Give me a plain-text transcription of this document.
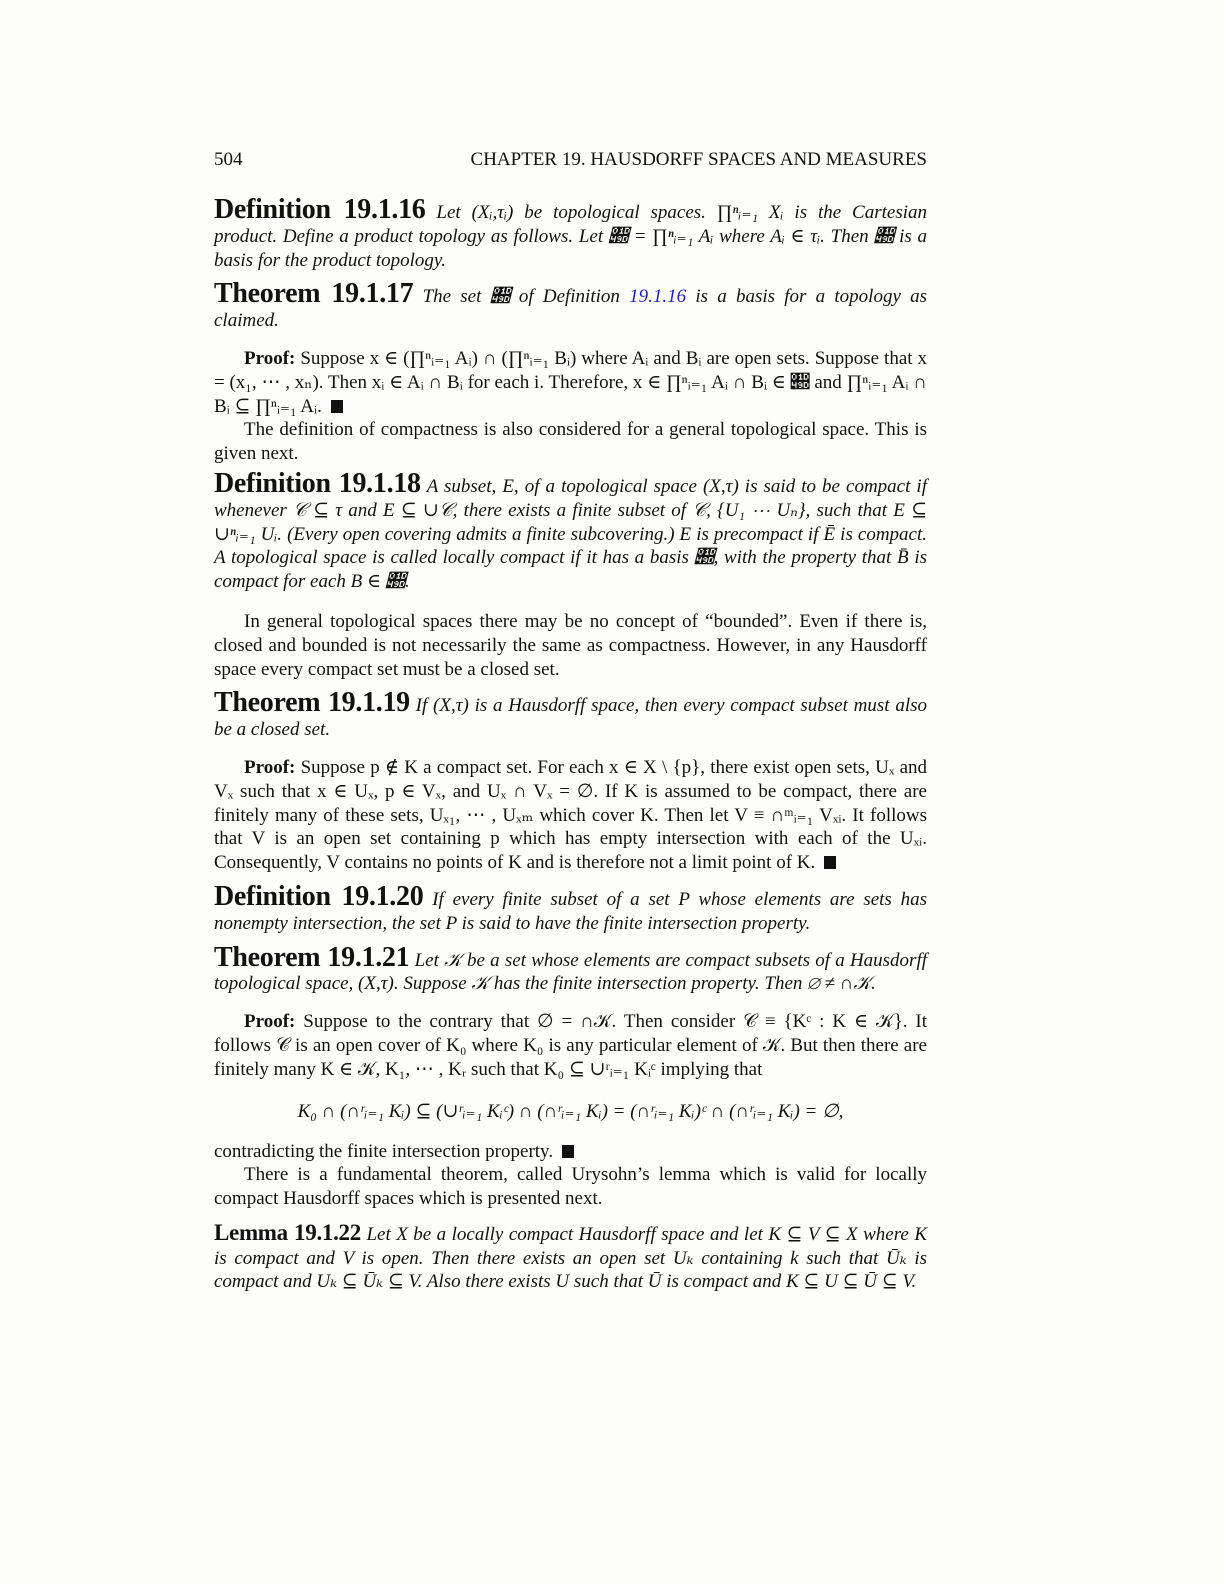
504	CHAPTER 19. HAUSDORFF SPACES AND MEASURES
Definition 19.1.16 Let (Xᵢ,τᵢ) be topological spaces. ∏ⁿᵢ₌₁ Xᵢ is the Cartesian product. Define a product topology as follows. Let 𝒝 = ∏ⁿᵢ₌₁ Aᵢ where Aᵢ ∈ τᵢ. Then 𝒝 is a basis for the product topology.
Theorem 19.1.17 The set 𝒝 of Definition 19.1.16 is a basis for a topology as claimed.
Proof: Suppose x ∈ (∏ⁿᵢ₌₁ Aᵢ) ∩ (∏ⁿᵢ₌₁ Bᵢ) where Aᵢ and Bᵢ are open sets. Suppose that x = (x₁, ⋯ , xₙ). Then xᵢ ∈ Aᵢ ∩ Bᵢ for each i. Therefore, x ∈ ∏ⁿᵢ₌₁ Aᵢ ∩ Bᵢ ∈ 𝒝 and ∏ⁿᵢ₌₁ Aᵢ ∩ Bᵢ ⊆ ∏ⁿᵢ₌₁ Aᵢ.
The definition of compactness is also considered for a general topological space. This is given next.
Definition 19.1.18 A subset, E, of a topological space (X,τ) is said to be compact if whenever 𝒞 ⊆ τ and E ⊆ ∪𝒞, there exists a finite subset of 𝒞, {U₁ ⋯ Uₙ}, such that E ⊆ ∪ⁿᵢ₌₁ Uᵢ. (Every open covering admits a finite subcovering.) E is precompact if Ē is compact. A topological space is called locally compact if it has a basis 𝒝, with the property that B̄ is compact for each B ∈ 𝒝.
In general topological spaces there may be no concept of “bounded”. Even if there is, closed and bounded is not necessarily the same as compactness. However, in any Hausdorff space every compact set must be a closed set.
Theorem 19.1.19 If (X,τ) is a Hausdorff space, then every compact subset must also be a closed set.
Proof: Suppose p ∉ K a compact set. For each x ∈ X \ {p}, there exist open sets, Uₓ and Vₓ such that x ∈ Uₓ, p ∈ Vₓ, and Uₓ ∩ Vₓ = ∅. If K is assumed to be compact, there are finitely many of these sets, Uₓ₁, ⋯ , Uₓₘ which cover K. Then let V ≡ ∩ᵐᵢ₌₁ Vₓᵢ. It follows that V is an open set containing p which has empty intersection with each of the Uₓᵢ. Consequently, V contains no points of K and is therefore not a limit point of K.
Definition 19.1.20 If every finite subset of a set P whose elements are sets has nonempty intersection, the set P is said to have the finite intersection property.
Theorem 19.1.21 Let 𝒦 be a set whose elements are compact subsets of a Hausdorff topological space, (X,τ). Suppose 𝒦 has the finite intersection property. Then ∅ ≠ ∩𝒦.
Proof: Suppose to the contrary that ∅ = ∩𝒦. Then consider 𝒞 ≡ {Kᶜ : K ∈ 𝒦}. It follows 𝒞 is an open cover of K₀ where K₀ is any particular element of 𝒦. But then there are finitely many K ∈ 𝒦, K₁, ⋯ , Kᵣ such that K₀ ⊆ ∪ʳᵢ₌₁ Kᵢᶜ implying that
K₀ ∩ (∩ʳᵢ₌₁ Kᵢ) ⊆ (∪ʳᵢ₌₁ Kᵢᶜ) ∩ (∩ʳᵢ₌₁ Kᵢ) = (∩ʳᵢ₌₁ Kᵢ)ᶜ ∩ (∩ʳᵢ₌₁ Kᵢ) = ∅,
contradicting the finite intersection property.
There is a fundamental theorem, called Urysohn’s lemma which is valid for locally compact Hausdorff spaces which is presented next.
Lemma 19.1.22 Let X be a locally compact Hausdorff space and let K ⊆ V ⊆ X where K is compact and V is open. Then there exists an open set Uₖ containing k such that Ūₖ is compact and Uₖ ⊆ Ūₖ ⊆ V. Also there exists U such that Ū is compact and K ⊆ U ⊆ Ū ⊆ V.
